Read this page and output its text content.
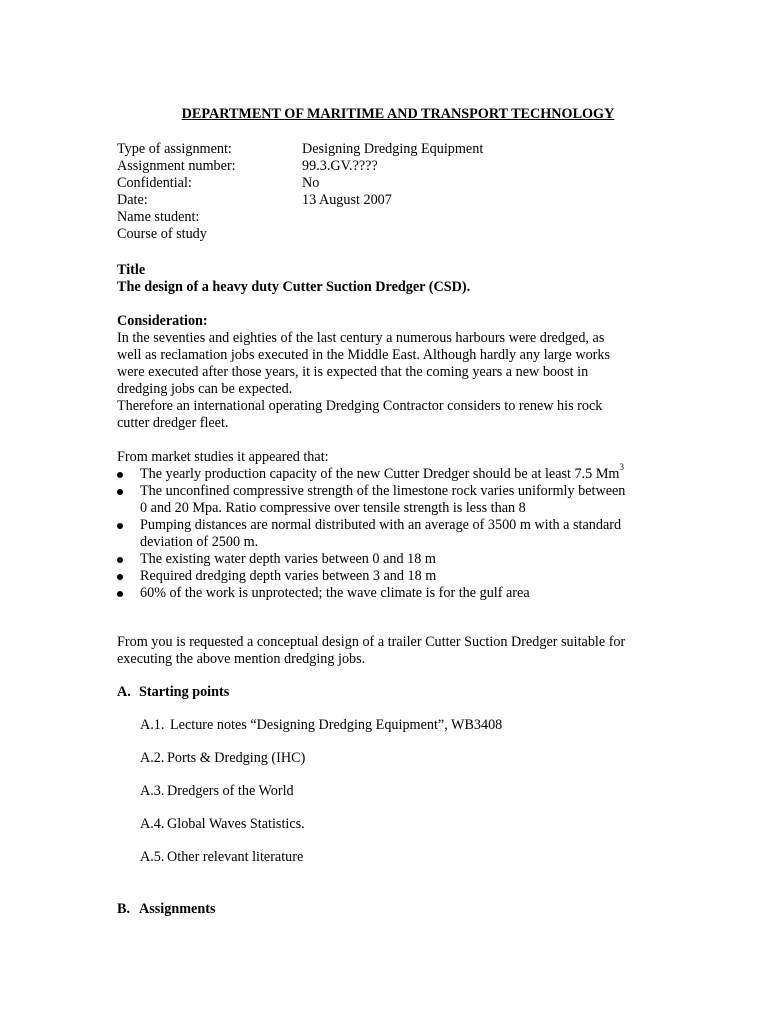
DEPARTMENT OF MARITIME AND TRANSPORT TECHNOLOGY
Type of assignment:	Designing Dredging Equipment
Assignment number:	99.3.GV.????
Confidential:	No
Date:	13 August 2007
Name student:
Course of study
Title
The design of a heavy duty Cutter Suction Dredger (CSD).
Consideration:
In the seventies and eighties of the last century a numerous harbours were dredged, as
well as reclamation jobs executed in the Middle East. Although hardly any large works
were executed after those years, it is expected that the coming years a new boost in
dredging jobs can be expected.
Therefore an international operating Dredging Contractor considers to renew his rock
cutter dredger fleet.
From market studies it appeared that:
The yearly production capacity of the new Cutter Dredger should be at least 7.5 Mm$^3$
The unconfined compressive strength of the limestone rock varies uniformly between
0 and 20 Mpa. Ratio compressive over tensile strength is less than 8
Pumping distances are normal distributed with an average of 3500 m with a standard
deviation of 2500 m.
The existing water depth varies between 0 and 18 m
Required dredging depth varies between 3 and 18 m
60% of the work is unprotected; the wave climate is for the gulf area
From you is requested a conceptual design of a trailer Cutter Suction Dredger suitable for
executing the above mention dredging jobs.
A. Starting points
A.1. Lecture notes “Designing Dredging Equipment”, WB3408
A.2. Ports & Dredging (IHC)
A.3. Dredgers of the World
A.4. Global Waves Statistics.
A.5. Other relevant literature
B. Assignments
